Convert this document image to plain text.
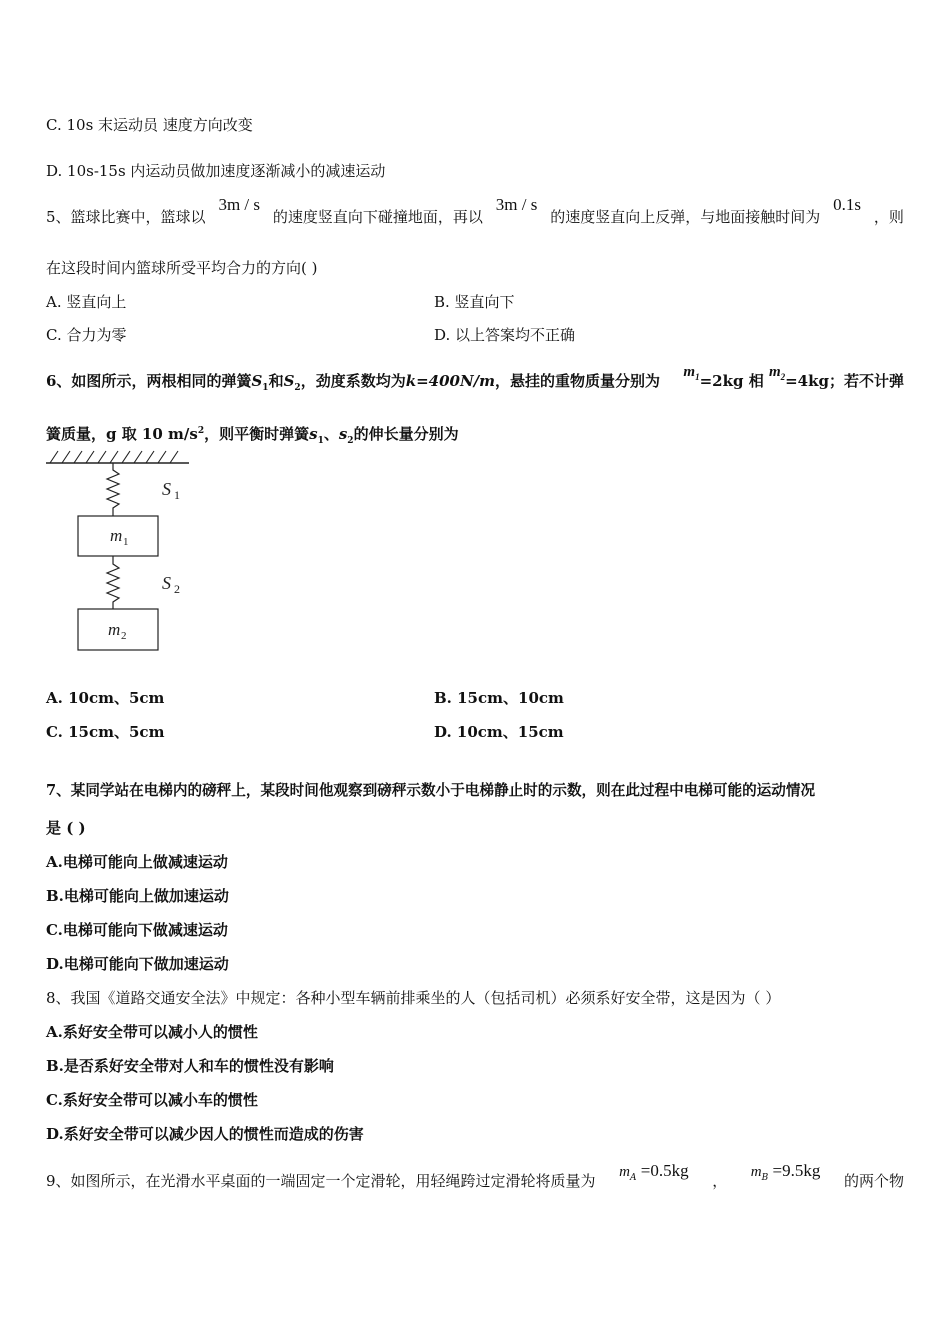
C. 10s 末运动员 速度方向改变
D. 10s-15s 内运动员做加速度逐渐减小的减速运动
5、篮球比赛中，篮球以
3m / s
的速度竖直向下碰撞地面，再以
3m / s
的速度竖直向上反弹，与地面接触时间为
0.1s
，则
在这段时间内篮球所受平均合力的方向( )
A. 竖直向上	B. 竖直向下
C. 合力为零	D. 以上答案均不正确
6、如图所示，两根相同的弹簧$S_1$和$S_2$，劲度系数均为k=400N/m，悬挂的重物质量分别为 $m_1=2kg$ 相 $m_2=4kg$；若不计弹
簧质量，g 取 10 $m/s^2$，则平衡时弹簧$s_1$、$s_2$的伸长量分别为
S 1
m 1
S 2
m 2
A. 10cm、5cm	B. 15cm、10cm
C. 15cm、5cm	D. 10cm、15cm
7、某同学站在电梯内的磅秤上，某段时间他观察到磅秤示数小于电梯静止时的示数，则在此过程中电梯可能的运动情况
是 ( )
A.电梯可能向上做减速运动
B.电梯可能向上做加速运动
C.电梯可能向下做减速运动
D.电梯可能向下做加速运动
8、我国《道路交通安全法》中规定：各种小型车辆前排乘坐的人（包括司机）必须系好安全带，这是因为（ ）
A.系好安全带可以减小人的惯性
B.是否系好安全带对人和车的惯性没有影响
C.系好安全带可以减小车的惯性
D.系好安全带可以减少因人的惯性而造成的伤害
9、如图所示，在光滑水平桌面的一端固定一个定滑轮，用轻绳跨过定滑轮将质量为 $m_A =0.5kg$
， $m_B =9.5kg$
的两个物
